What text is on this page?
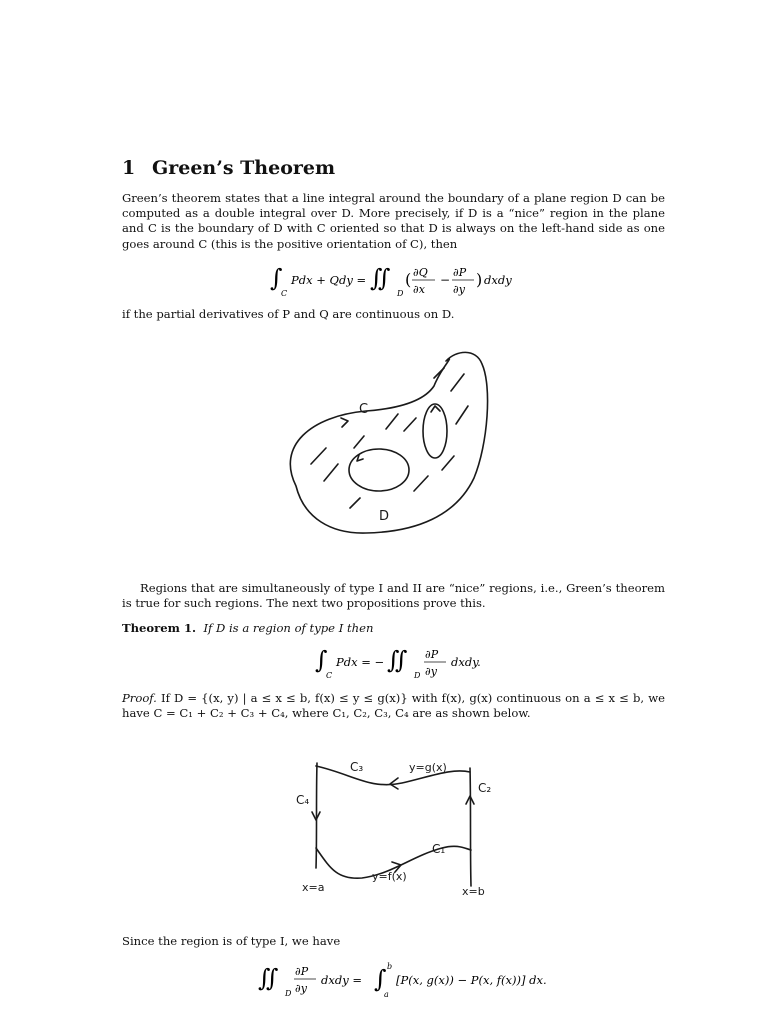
1 Green’s Theorem

Green’s theorem states that a line integral around the boundary of a plane region D can be computed as a double integral over D. More precisely, if D is a “nice” region in the plane and C is the boundary of D with C oriented so that D is always on the left-hand side as one goes around C (this is the positive orientation of C), then

∫
C
Pdx + Qdy = ∬
D
( ∂Q
∂x
−
∂P
∂y
) dxdy

if the partial derivatives of P and Q are continuous on D.

C
D

Regions that are simultaneously of type I and II are “nice” regions, i.e., Green’s theorem is true for such regions. The next two propositions prove this.

Theorem 1. If D is a region of type I then

∫
C
Pdx = − ∬
D
∂P
∂y
dxdy.

Proof. If D = {(x, y) | a ≤ x ≤ b, f(x) ≤ y ≤ g(x)} with f(x), g(x) continuous on a ≤ x ≤ b, we have C = C₁ + C₂ + C₃ + C₄, where C₁, C₂, C₃, C₄ are as shown below.

C₃	y=g(x)
C₂
C₄
C₁
y=f(x)
x=a	x=b

Since the region is of type I, we have

∬
D
∂P
∂y
dxdy = ∫ b
a
[P(x, g(x)) − P(x, f(x))] dx.
